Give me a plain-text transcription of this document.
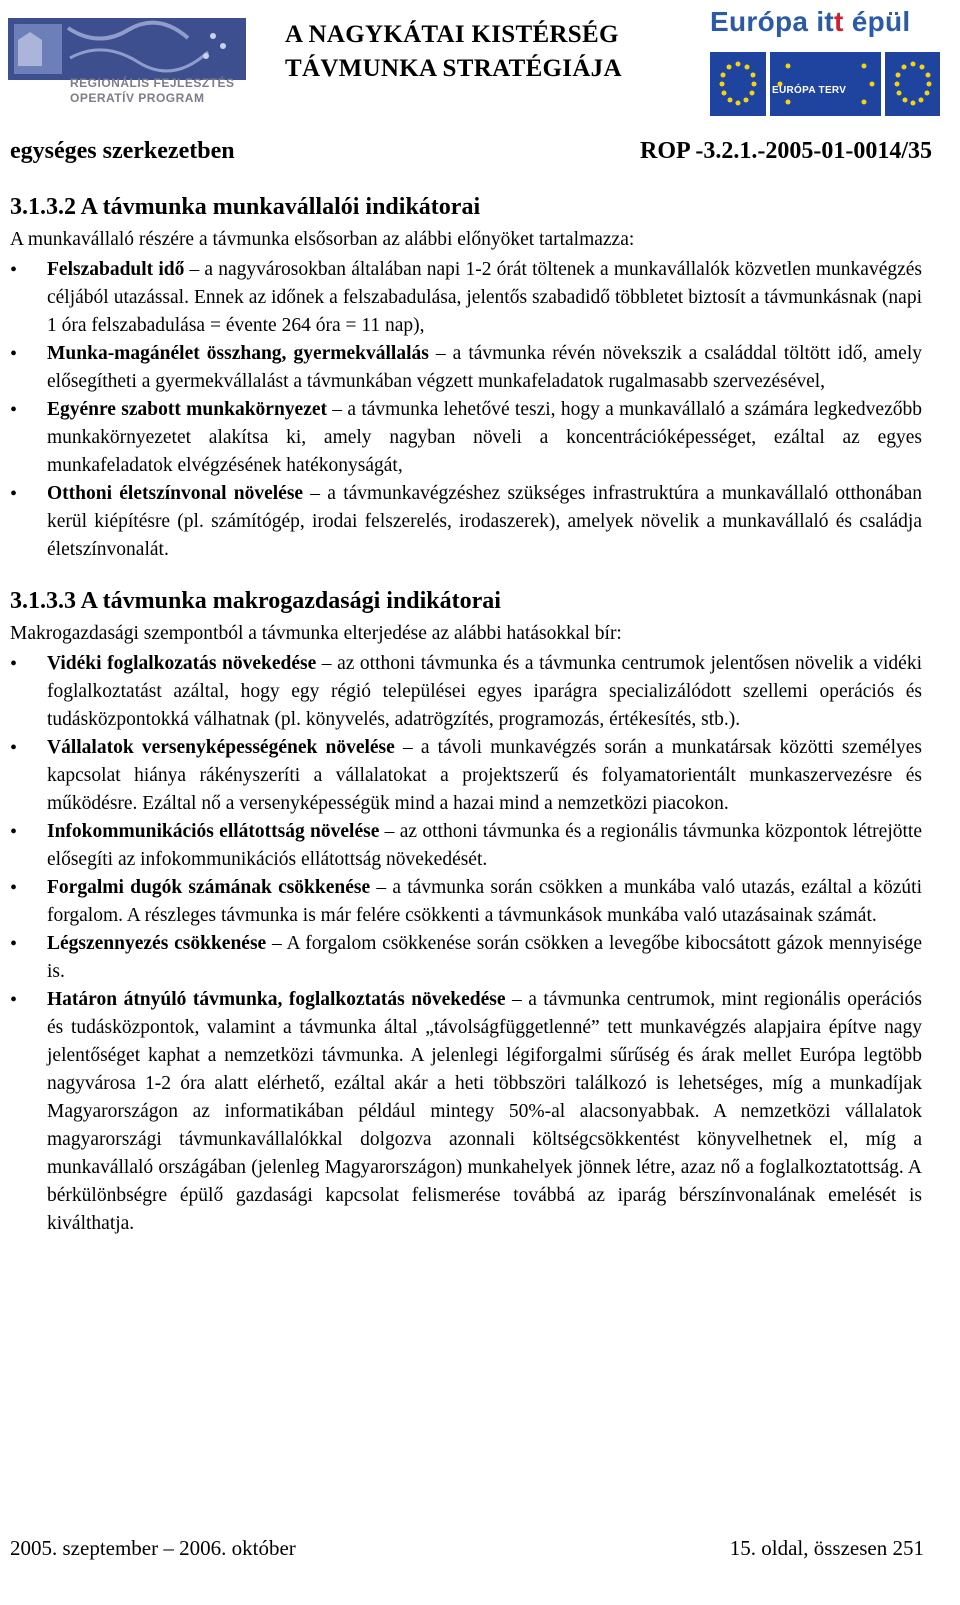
REGIONÁLIS FEJLESZTÉS
OPERATÍV PROGRAM
A NAGYKÁTAI KISTÉRSÉG
TÁVMUNKA STRATÉGIÁJA
Európa itt épül
EURÓPA TERV
egységes szerkezetben	ROP -3.2.1.-2005-01-0014/35
3.1.3.2 A távmunka munkavállalói indikátorai

A munkavállaló részére a távmunka elsősorban az alábbi előnyöket tartalmazza:

• Felszabadult idő – a nagyvárosokban általában napi 1-2 órát töltenek a munkavállalók közvetlen munkavégzés céljából utazással. Ennek az időnek a felszabadulása, jelentős szabadidő többletet biztosít a távmunkásnak (napi 1 óra felszabadulása = évente 264 óra = 11 nap),
• Munka-magánélet összhang, gyermekvállalás – a távmunka révén növekszik a családdal töltött idő, amely elősegítheti a gyermekvállalást a távmunkában végzett munkafeladatok rugalmasabb szervezésével,
• Egyénre szabott munkakörnyezet – a távmunka lehetővé teszi, hogy a munkavállaló a számára legkedvezőbb munkakörnyezetet alakítsa ki, amely nagyban növeli a koncentrációképességet, ezáltal az egyes munkafeladatok elvégzésének hatékonyságát,
• Otthoni életszínvonal növelése – a távmunkavégzéshez szükséges infrastruktúra a munkavállaló otthonában kerül kiépítésre (pl. számítógép, irodai felszerelés, irodaszerek), amelyek növelik a munkavállaló és családja életszínvonalát.
3.1.3.3 A távmunka makrogazdasági indikátorai

Makrogazdasági szempontból a távmunka elterjedése az alábbi hatásokkal bír:

• Vidéki foglalkozatás növekedése – az otthoni távmunka és a távmunka centrumok jelentősen növelik a vidéki foglalkoztatást azáltal, hogy egy régió települései egyes iparágra specializálódott szellemi operációs és tudásközpontokká válhatnak (pl. könyvelés, adatrögzítés, programozás, értékesítés, stb.).
• Vállalatok versenyképességének növelése – a távoli munkavégzés során a munkatársak közötti személyes kapcsolat hiánya rákényszeríti a vállalatokat a projektszerű és folyamatorientált munkaszervezésre és működésre. Ezáltal nő a versenyképességük mind a hazai mind a nemzetközi piacokon.
• Infokommunikációs ellátottság növelése – az otthoni távmunka és a regionális távmunka központok létrejötte elősegíti az infokommunikációs ellátottság növekedését.
• Forgalmi dugók számának csökkenése – a távmunka során csökken a munkába való utazás, ezáltal a közúti forgalom. A részleges távmunka is már felére csökkenti a távmunkások munkába való utazásainak számát.
• Légszennyezés csökkenése – A forgalom csökkenése során csökken a levegőbe kibocsátott gázok mennyisége is.
• Határon átnyúló távmunka, foglalkoztatás növekedése – a távmunka centrumok, mint regionális operációs és tudásközpontok, valamint a távmunka által „távolságfüggetlenné” tett munkavégzés alapjaira építve nagy jelentőséget kaphat a nemzetközi távmunka. A jelenlegi légiforgalmi sűrűség és árak mellet Európa legtöbb nagyvárosa 1-2 óra alatt elérhető, ezáltal akár a heti többszöri találkozó is lehetséges, míg a munkadíjak Magyarországon az informatikában például mintegy 50%-al alacsonyabbak. A nemzetközi vállalatok magyarországi távmunkavállalókkal dolgozva azonnali költségcsökkentést könyvelhetnek el, míg a munkavállaló országában (jelenleg Magyarországon) munkahelyek jönnek létre, azaz nő a foglalkoztatottság. A bérkülönbségre épülő gazdasági kapcsolat felismerése továbbá az iparág bérszínvonalának emelését is kiválthatja.
2005. szeptember – 2006. október	15. oldal, összesen 251
